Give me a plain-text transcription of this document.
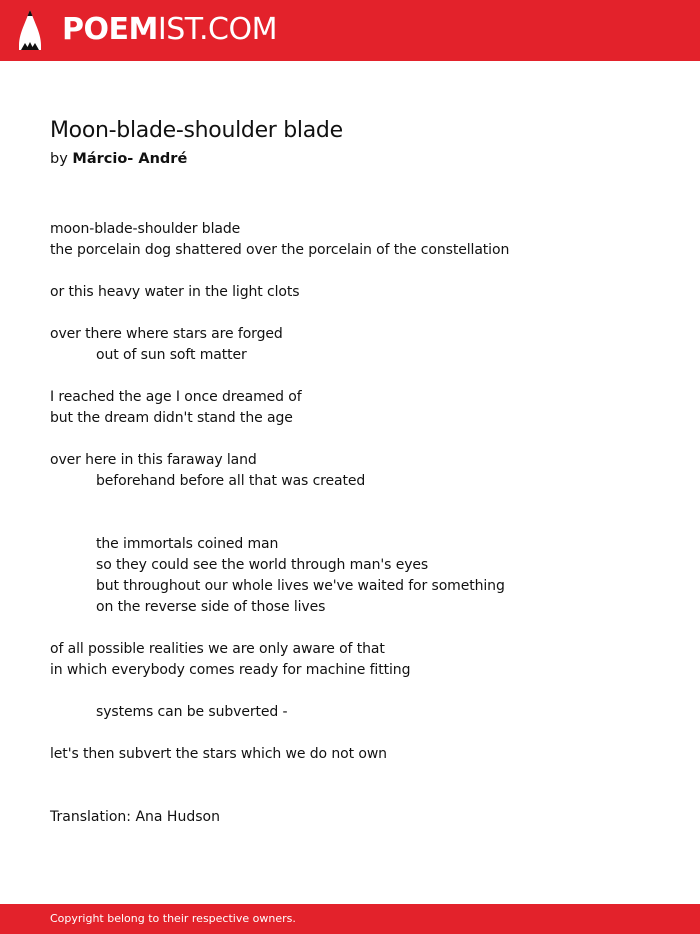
POEMIST.COM
Moon-blade-shoulder blade
by Márcio- André
moon-blade-shoulder blade
the porcelain dog shattered over the porcelain of the constellation
or this heavy water in the light clots
over there where stars are forged
out of sun soft matter
I reached the age I once dreamed of
but the dream didn't stand the age
over here in this faraway land
beforehand before all that was created
the immortals coined man
so they could see the world through man's eyes
but throughout our whole lives we've waited for something
on the reverse side of those lives
of all possible realities we are only aware of that
in which everybody comes ready for machine fitting
systems can be subverted -
let's then subvert the stars which we do not own
Translation: Ana Hudson
Copyright belong to their respective owners.
